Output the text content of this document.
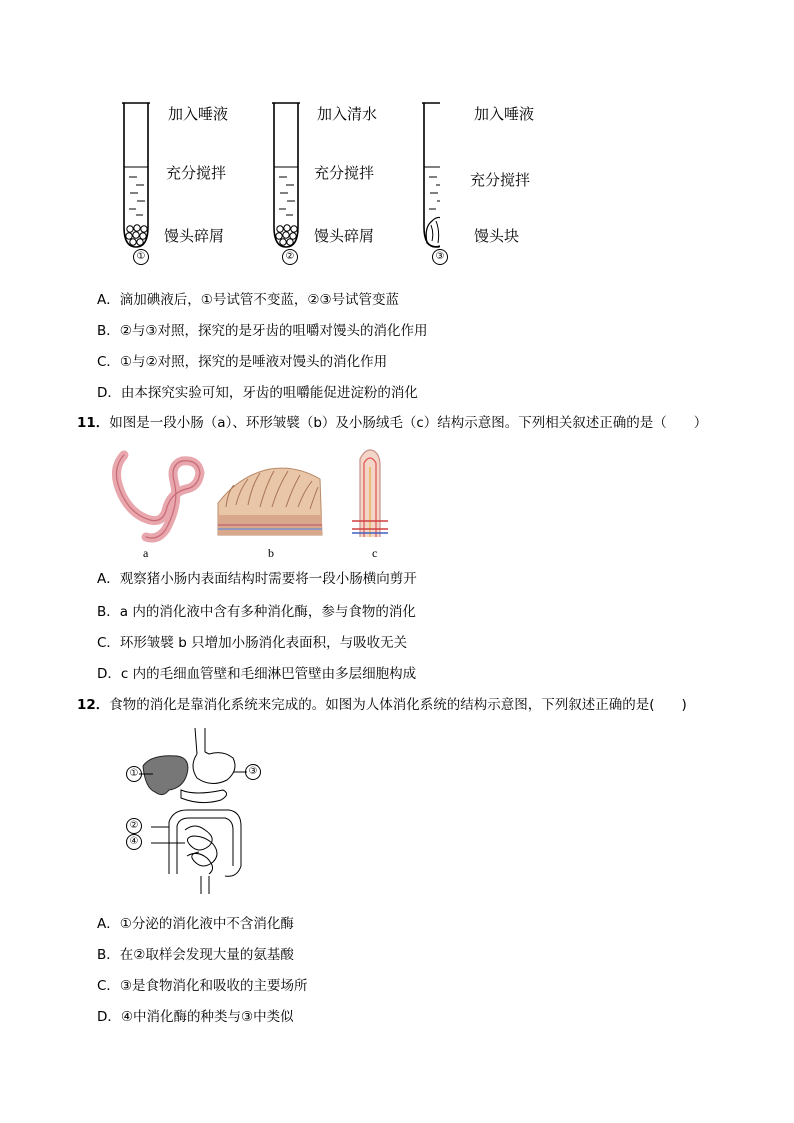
加入唾液
充分搅拌
馒头碎屑
①
加入清水
充分搅拌
馒头碎屑
②
加入唾液
充分搅拌
馒头块
③
A．滴加碘液后，①号试管不变蓝，②③号试管变蓝
B．②与③对照，探究的是牙齿的咀嚼对馒头的消化作用
C．①与②对照，探究的是唾液对馒头的消化作用
D．由本探究实验可知，牙齿的咀嚼能促进淀粉的消化
11．如图是一段小肠（a）、环形皱襞（b）及小肠绒毛（c）结构示意图。下列相关叙述正确的是（　　）
a	b	c
A．观察猪小肠内表面结构时需要将一段小肠横向剪开
B．a 内的消化液中含有多种消化酶，参与食物的消化
C．环形皱襞 b 只增加小肠消化表面积，与吸收无关
D．c 内的毛细血管壁和毛细淋巴管壁由多层细胞构成
12．食物的消化是靠消化系统来完成的。如图为人体消化系统的结构示意图，下列叙述正确的是(　　)
①	③
②
④
A．①分泌的消化液中不含消化酶
B．在②取样会发现大量的氨基酸
C．③是食物消化和吸收的主要场所
D．④中消化酶的种类与③中类似
